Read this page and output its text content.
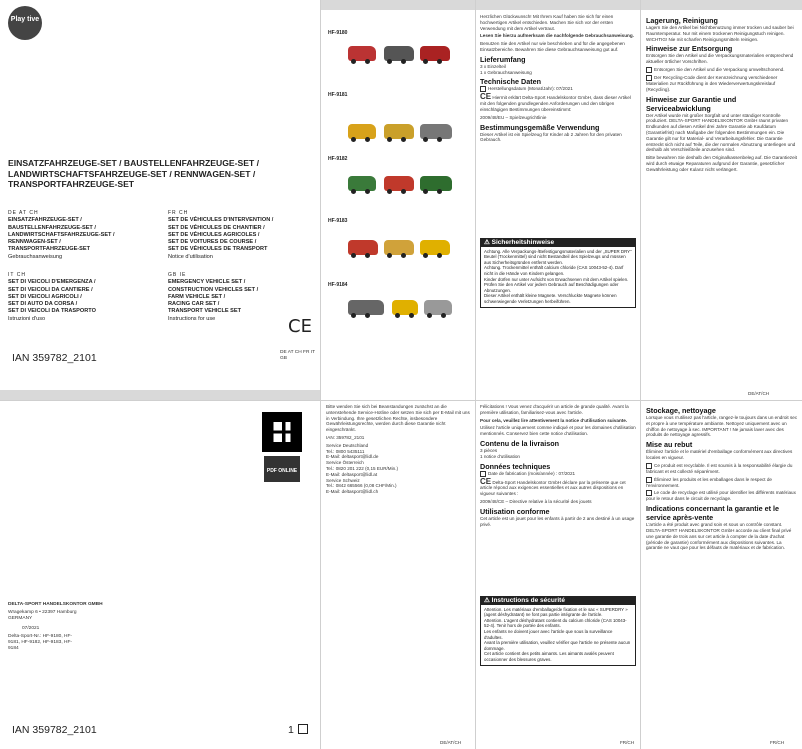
Play tive
EINSATZFAHRZEUGE-SET / BAUSTELLENFAHRZEUGE-SET / LANDWIRTSCHAFTSFAHRZEUGE-SET / RENNWAGEN-SET / TRANSPORTFAHRZEUGE-SET
DE AT CH
EINSATZFAHRZEUGE-SET /
BAUSTELLENFAHRZEUGE-SET /
LANDWIRTSCHAFTSFAHRZEUGE-SET /
RENNWAGEN-SET /
TRANSPORTFAHRZEUGE-SET
Gebrauchsanweisung
FR CH
SET DE VÉHICULES D'INTERVENTION /
SET DE VÉHICULES DE CHANTIER /
SET DE VÉHICULES AGRICOLES /
SET DE VOITURES DE COURSE /
SET DE VÉHICULES DE TRANSPORT
Notice d'utilisation
IT CH
SET DI VEICOLI D'EMERGENZA /
SET DI VEICOLI DA CANTIERE /
SET DI VEICOLI AGRICOLI /
SET DI AUTO DA CORSA /
SET DI VEICOLI DA TRASPORTO
Istruzioni d'uso
GB IE
EMERGENCY VEHICLE SET /
CONSTRUCTION VEHICLES SET /
FARM VEHICLE SET /
RACING CAR SET /
TRANSPORT VEHICLE SET
Instructions for use	CE
IAN 359782_2101	DE AT CH FR IT GB
HF-9180
HF-9181
HF-9182
HF-9183
HF-9184

Herzlichen Glückwunsch! Mit Ihrem Kauf haben Sie sich für einen hochwertigen Artikel entschieden. Machen Sie sich vor der ersten Verwendung mit dem Artikel vertraut.

Lesen Sie hierzu aufmerksam die nachfolgende Gebrauchsanweisung.

Benutzen Sie den Artikel nur wie beschrieben und für die angegebenen Einsatzbereiche. Bewahren Sie diese Gebrauchsanweisung gut auf.

Lieferumfang
3 x Einzelteil
1 x Gebrauchsanweisung
Technische Daten

Herstellungsdatum (Monat/Jahr): 07/2021

CE Hiermit erklärt Delta-Sport Handelskontor GmbH, dass dieser Artikel mit den folgenden grundlegenden Anforderungen und den übrigen einschlägigen Bestimmungen übereinstimmt:

2009/48/EU – Spielzeugrichtlinie

Bestimmungsgemäße Verwendung

Dieser Artikel ist ein Spielzeug für Kinder ab 2 Jahren für den privaten Gebrauch.

⚠ Sicherheitshinweise
Achtung. Alle Verpackungs-/Befestigungsmaterialien und der „SUPER DRY“ Beutel (Trockenmittel) sind nicht Bestandteil des Spielzeugs und müssen aus Sicherheitsgründen entfernt werden.
Achtung. Trockenmittel enthält calcium chloride (CAS 10043-52-4). Darf nicht in die Hände von Kindern gelangen.
Kinder dürfen nur unter Aufsicht von Erwachsenen mit dem Artikel spielen.
Prüfen Sie den Artikel vor jedem Gebrauch auf Beschädigungen oder Abnutzungen.
Dieser Artikel enthält kleine Magnete. Verschluckte Magnete können schwerwiegende Verletzungen herbeiführen.
Lagerung, Reinigung

Lagern Sie den Artikel bei Nichtbenutzung immer trocken und sauber bei Raumtemperatur. Nur mit einem trockenen Reinigungstuch reinigen. WICHTIG! Nie mit scharfen Reinigungsmitteln reinigen.

Hinweise zur Entsorgung

Entsorgen Sie den Artikel und die Verpackungsmaterialien entsprechend aktueller örtlicher Vorschriften.

Entsorgen Sie den Artikel und die Verpackung umweltschonend.

Der Recycling-Code dient der Kennzeichnung verschiedener Materialien zur Rückführung in den Wiederverwertungskreislauf (Recycling).

Hinweise zur Garantie und Serviceabwicklung

Der Artikel wurde mit großer Sorgfalt und unter ständiger Kontrolle produziert. DELTA-SPORT HANDELSKONTOR GmbH räumt privaten Endkunden auf diesen Artikel drei Jahre Garantie ab Kaufdatum (Garantiefrist) nach Maßgabe der folgenden Bestimmungen ein. Die Garantie gilt nur für Material- und Verarbeitungsfehler. Die Garantie erstreckt sich nicht auf Teile, die der normalen Abnutzung unterliegen und deshalb als Verschleißteile anzusehen sind.

Bitte bewahren Sie deshalb den Originalkassenbeleg auf. Die Garantiezeit wird durch etwaige Reparaturen aufgrund der Garantie, gesetzlicher Gewährleistung oder Kulanz nicht verlängert.

DE/AT/CH
DELTA-SPORT HANDELSKONTOR GMBH
Wragekamp 6 • 22397 Hamburg GERMANY
07/2021
Delta-Sport-Nr.: HF-9180, HF-9181, HF-9182, HF-9183, HF-9184
IAN 359782_2101	1
PDF ONLINE

Bitte wenden Sie sich bei Beanstandungen zunächst an die untenstehende Service-Hotline oder setzen Sie sich per E-Mail mit uns in Verbindung. Ihre gesetzlichen Rechte, insbesondere Gewährleistungsrechte, werden durch diese Garantie nicht eingeschränkt.

IAN: 359782_2101

Service Deutschland
Tel.: 0800 5435111
E-Mail: deltasport@lidl.de
Service Österreich
Tel.: 0820 201 222 (0,15 EUR/Min.)
E-Mail: deltasport@lidl.at
Service Schweiz
Tel.: 0842 665566 (0,08 CHF/Min.)
E-Mail: deltasport@lidl.ch
DE/AT/CH

Félicitations ! Vous venez d'acquérir un article de grande qualité. Avant la première utilisation, familiarisez-vous avec l'article.

Pour cela, veuillez lire attentivement la notice d'utilisation suivante.

Utilisez l'article uniquement comme indiqué et pour les domaines d'utilisation mentionnés. Conservez bien cette notice d'utilisation.

Contenu de la livraison
3 pièces
1 notice d'utilisation
Données techniques

Date de fabrication (mois/année) : 07/2021

CE Delta-Sport Handelskontor GmbH déclare par la présente que cet article répond aux exigences essentielles et aux autres dispositions en vigueur suivantes :

2009/48/CE – Directive relative à la sécurité des jouets

Utilisation conforme

Cet article est un jouet pour les enfants à partir de 2 ans destiné à un usage privé.

⚠ Instructions de sécurité
Attention. Les matériaux d'emballage/de fixation et le sac « SUPERDRY » (agent déshydratant) ne font pas partie intégrante de l'article.
Attention. L'agent déshydratant contient du calcium chloride (CAS 10043-52-4). Tenir hors de portée des enfants.
Les enfants ne doivent jouer avec l'article que sous la surveillance d'adultes.
Avant la première utilisation, veuillez vérifier que l'article ne présente aucun dommage.
Cet article contient des petits aimants. Les aimants avalés peuvent occasionner des blessures graves.
FR/CH
Stockage, nettoyage

Lorsque vous n'utilisez pas l'article, rangez-le toujours dans un endroit sec et propre à une température ambiante. Nettoyez uniquement avec un chiffon de nettoyage à sec. IMPORTANT ! Ne jamais laver avec des produits de nettoyage agressifs.

Mise au rebut

Éliminez l'article et le matériel d'emballage conformément aux directives locales en vigueur.

Ce produit est recyclable. Il est soumis à la responsabilité élargie du fabricant et est collecté séparément.

Éliminez les produits et les emballages dans le respect de l'environnement.

Le code de recyclage est utilisé pour identifier les différents matériaux pour le retour dans le circuit de recyclage.

Indications concernant la garantie et le service après-vente

L'article a été produit avec grand soin et sous un contrôle constant. DELTA-SPORT HANDELSKONTOR GmbH accorde au client final privé une garantie de trois ans sur cet article à compter de la date d'achat (période de garantie) conformément aux dispositions suivantes. La garantie ne vaut que pour les défauts de matériaux et de fabrication.

FR/CH
